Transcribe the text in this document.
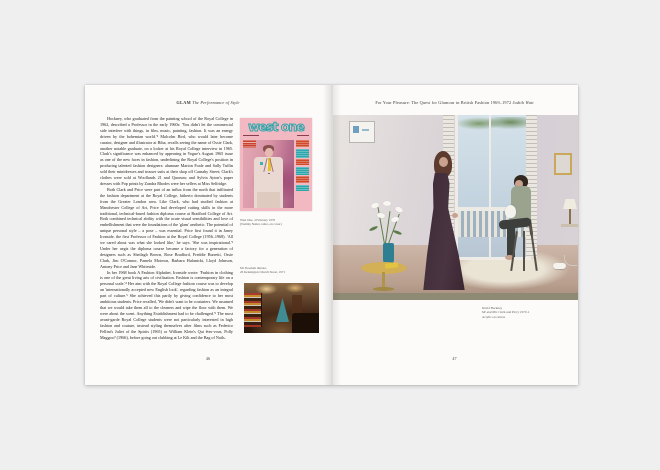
GLAM The Performance of Style

Hockney, who graduated from the painting school of the Royal College in 1962, described a Professor in the early 1960s: 'You didn't let the commercial side interfere with things, in film, music, painting, fashion. It was an energy driven by the bohemian world.'² Malcolm Bird, who would later become curator, designer and illustrator at Biba, recalls seeing the name of Ossie Clark, another notable graduate, on a locker at his Royal College interview in 1965. Clark's significance was enhanced by appearing in Vogue's August 1965 issue as one of the new faces in fashion, underlining the Royal College's position in producing talented fashion designers: alumnae Marion Foale and Sally Tuffin sold their minidresses and trouser suits at their shop off Carnaby Street; Clark's clothes were sold at Woollands 21 and Quorum; and Sylvia Ayton's paper dresses with Pop prints by Zandra Rhodes were her sellers at Miss Selfridge.

Both Clark and Price were part of an influx from the north that infiltrated the fashion department at the Royal College, hitherto dominated by students from the Greater London area. Like Clark, who had studied fashion at Manchester College of Art, Price had developed cutting skills in the more traditional, technical-based fashion diploma course at Bradford College of Art. Both combined technical ability with the acute visual sensibilities and love of embellishment that were the foundations of the 'glam' aesthetic. The potential of unique personal style – a pose – was essential. Price first found it in Janey Ironside, the first Professor of Fashion at the Royal College (1956–1968). 'All we cared about was what she looked like,' he says. 'She was inspirational.'³ Under her aegis the diploma course became a factory for a generation of designers such as Sheilagh Brown, Rose Bradford, Freddie Burretti, Ossie Clark, Jim O'Connor, Pamela Motown, Barbara Hulanicki, Lloyd Johnson, Antony Price and Jane Whiteside.

In her 1968 book A Fashion Alphabet, Ironside wrote: 'Fashion in clothing is one of the great living arts of civilisation. Fashion is contemporary life on a personal scale.'⁴ Her aim with the Royal College fashion course was to develop an 'internationally accepted new English look', regarding fashion as an integral part of culture.⁵ She achieved this partly by giving confidence to her most ambitious students. Price recalled, 'We didn't want to be couturiers. We assumed that we would take them all to the cleaners and wipe the floor with them. We were about the scent. Anything Establishment had to be challenged.'⁶ The most avant-garde Royal College students were not particularly interested in high fashion and couture, instead styling themselves after films such as Federico Fellini's Juliet of the Spirits (1965) or William Klein's Qui êtes-vous, Polly Maggoo? (1966), before going out clubbing at Le Kilt and the Bag of Nails.

west one
West One, 4 February 1970
(Tommy Nutter, tailor, on cover)
Mr Freedom interior,
20 Kensington Church Street, 1971
46
For Your Pleasure: The Quest for Glamour in British Fashion 1969–1972 Judith Watt
David Hockney
Mr and Mrs Clark and Percy 1970–1
Acrylic on canvas
47
